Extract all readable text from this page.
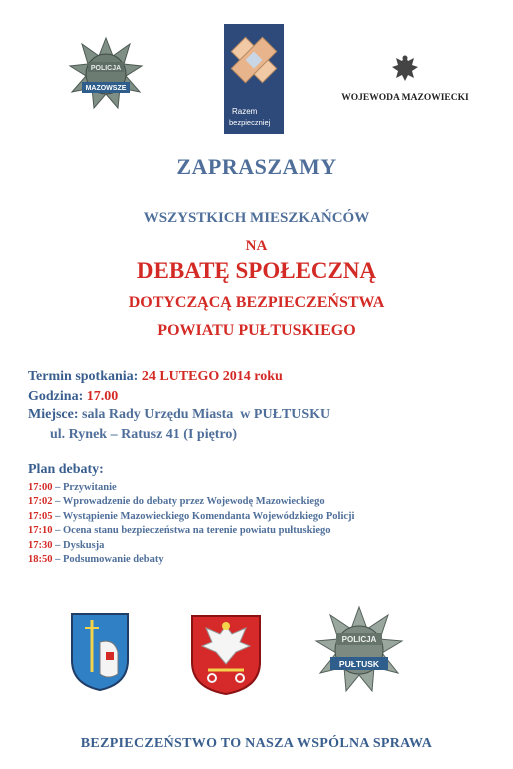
POLICJA
MAZOWSZE
Razem
bezpieczniej
WOJEWODA MAZOWIECKI
ZAPRASZAMY
WSZYSTKICH MIESZKAŃCÓW
NA
DEBATĘ SPOŁECZNĄ
DOTYCZĄCĄ BEZPIECZEŃSTWA
POWIATU PUŁTUSKIEGO
Termin spotkania: 24 LUTEGO 2014 roku
Godzina: 17.00
Miejsce: sala Rady Urzędu Miasta  w PUŁTUSKU
ul. Rynek – Ratusz 41 (I piętro)
Plan debaty:
17:00 – Przywitanie
17:02 – Wprowadzenie do debaty przez Wojewodę Mazowieckiego
17:05 – Wystąpienie Mazowieckiego Komendanta Wojewódzkiego Policji
17:10 – Ocena stanu bezpieczeństwa na terenie powiatu pułtuskiego
17:30 – Dyskusja
18:50 – Podsumowanie debaty
POLICJA
PUŁTUSK
BEZPIECZEŃSTWO TO NASZA WSPÓLNA SPRAWA
